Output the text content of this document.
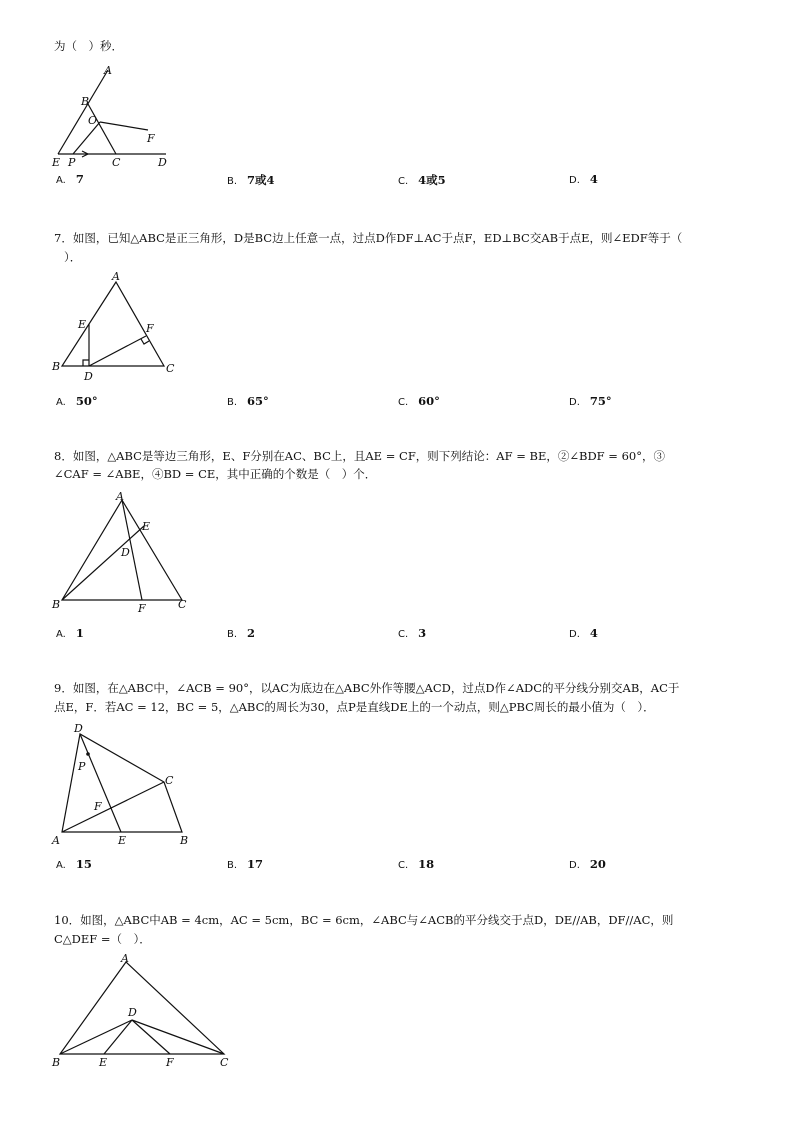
为（　）秒．
A
B
O
F
E P	C	D
A. 7	B. 7或4	C. 4或5	D. 4
7．如图，已知△ABC是正三角形，D是BC边上任意一点，过点D作DF⊥AC于点F，ED⊥BC交AB于点E，则∠EDF等于（
）．
A
E	F
B
D
C
A. 50°	B. 65°	C. 60°	D. 75°
8．如图，△ABC是等边三角形，E、F分别在AC、BC上，且AE = CF，则下列结论：AF = BE，②∠BDF = 60°，③
∠CAF = ∠ABE，④BD = CE，其中正确的个数是（　）个．
A
E
D
B	F	C
A. 1	B. 2	C. 3	D. 4
9．如图，在△ABC中，∠ACB = 90°，以AC为底边在△ABC外作等腰△ACD，过点D作∠ADC的平分线分别交AB，AC于
点E，F．若AC = 12，BC = 5，△ABC的周长为30，点P是直线DE上的一个动点，则△PBC周长的最小值为（　）．
D
P
C
F
A	E	B
A. 15	B. 17	C. 18	D. 20
10．如图，△ABC中AB = 4cm，AC = 5cm，BC = 6cm，∠ABC与∠ACB的平分线交于点D，DE//AB，DF//AC，则
C△DEF =（　）．
A
D
B	E	F	C
